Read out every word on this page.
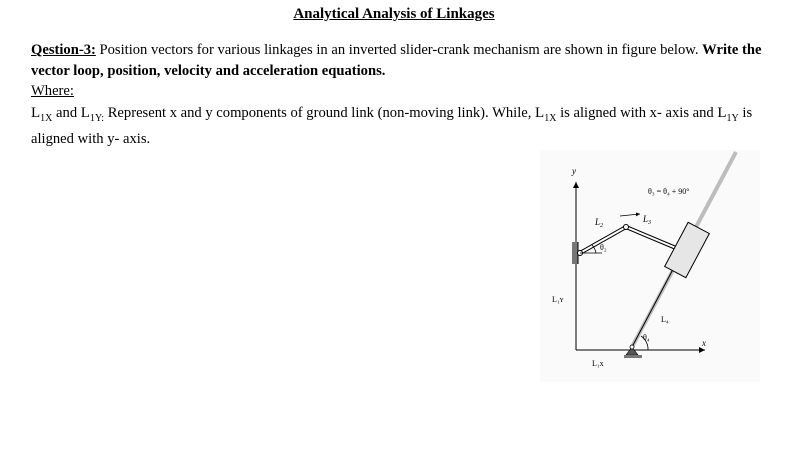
Analytical Analysis of Linkages
Qestion-3: Position vectors for various linkages in an inverted slider-crank mechanism are shown in figure below. Write the vector loop, position, velocity and acceleration equations.
Where:
$L_{1X}$ and $L_{1Y:}$ Represent x and y components of ground link (non-moving link). While, $L_{1X}$ is aligned with x- axis and $L_{1Y}$ is aligned with y- axis.
y
x
$L_2$
θ₂
$L_3$
θ₃ = θ₄ + 90°
L₄
θ₄
L₁ʏ
L₁x
